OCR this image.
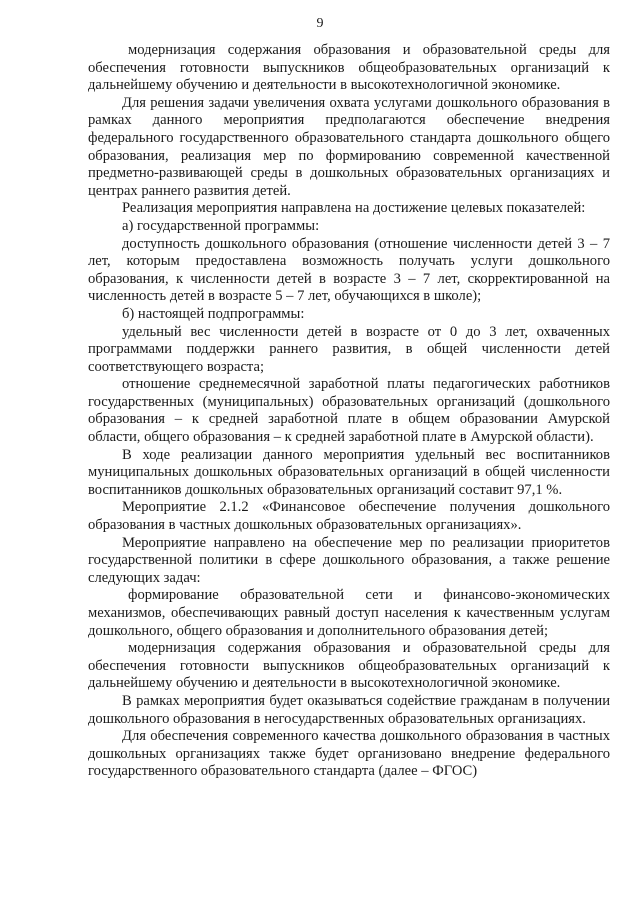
9

модернизация содержания образования и образовательной среды для обеспечения готовности выпускников общеобразовательных организаций к дальнейшему обучению и деятельности в высокотехнологичной экономике.

Для решения задачи увеличения охвата услугами дошкольного образования в рамках данного мероприятия предполагаются обеспечение внедрения федерального государственного образовательного стандарта дошкольного общего образования, реализация мер по формированию современной качественной предметно-развивающей среды в дошкольных образовательных организациях и центрах раннего развития детей.

Реализация мероприятия направлена на достижение целевых показателей:

а) государственной программы:

доступность дошкольного образования (отношение численности детей 3 – 7 лет, которым предоставлена возможность получать услуги дошкольного образования, к численности детей в возрасте 3 – 7 лет, скорректированной на численность детей в возрасте 5 – 7 лет, обучающихся в школе);

б) настоящей подпрограммы:

удельный вес численности детей в возрасте от 0 до 3 лет, охваченных программами поддержки раннего развития, в общей численности детей соответствующего возраста;

отношение среднемесячной заработной платы педагогических работников государственных (муниципальных) образовательных организаций (дошкольного образования – к средней заработной плате в общем образовании Амурской области, общего образования – к средней заработной плате в Амурской области).

В ходе реализации данного мероприятия удельный вес воспитанников муниципальных дошкольных образовательных организаций в общей численности воспитанников дошкольных образовательных организаций составит 97,1 %.

Мероприятие 2.1.2 «Финансовое обеспечение получения дошкольного образования в частных дошкольных образовательных организациях».

Мероприятие направлено на обеспечение мер по реализации приоритетов государственной политики в сфере дошкольного образования, а также решение следующих задач:

формирование образовательной сети и финансово-экономических механизмов, обеспечивающих равный доступ населения к качественным услугам дошкольного, общего образования и дополнительного образования детей;

модернизация содержания образования и образовательной среды для обеспечения готовности выпускников общеобразовательных организаций к дальнейшему обучению и деятельности в высокотехнологичной экономике.

В рамках мероприятия будет оказываться содействие гражданам в получении дошкольного образования в негосударственных образовательных организациях.

Для обеспечения современного качества дошкольного образования в частных дошкольных организациях также будет организовано внедрение федерального государственного образовательного стандарта (далее – ФГОС)
